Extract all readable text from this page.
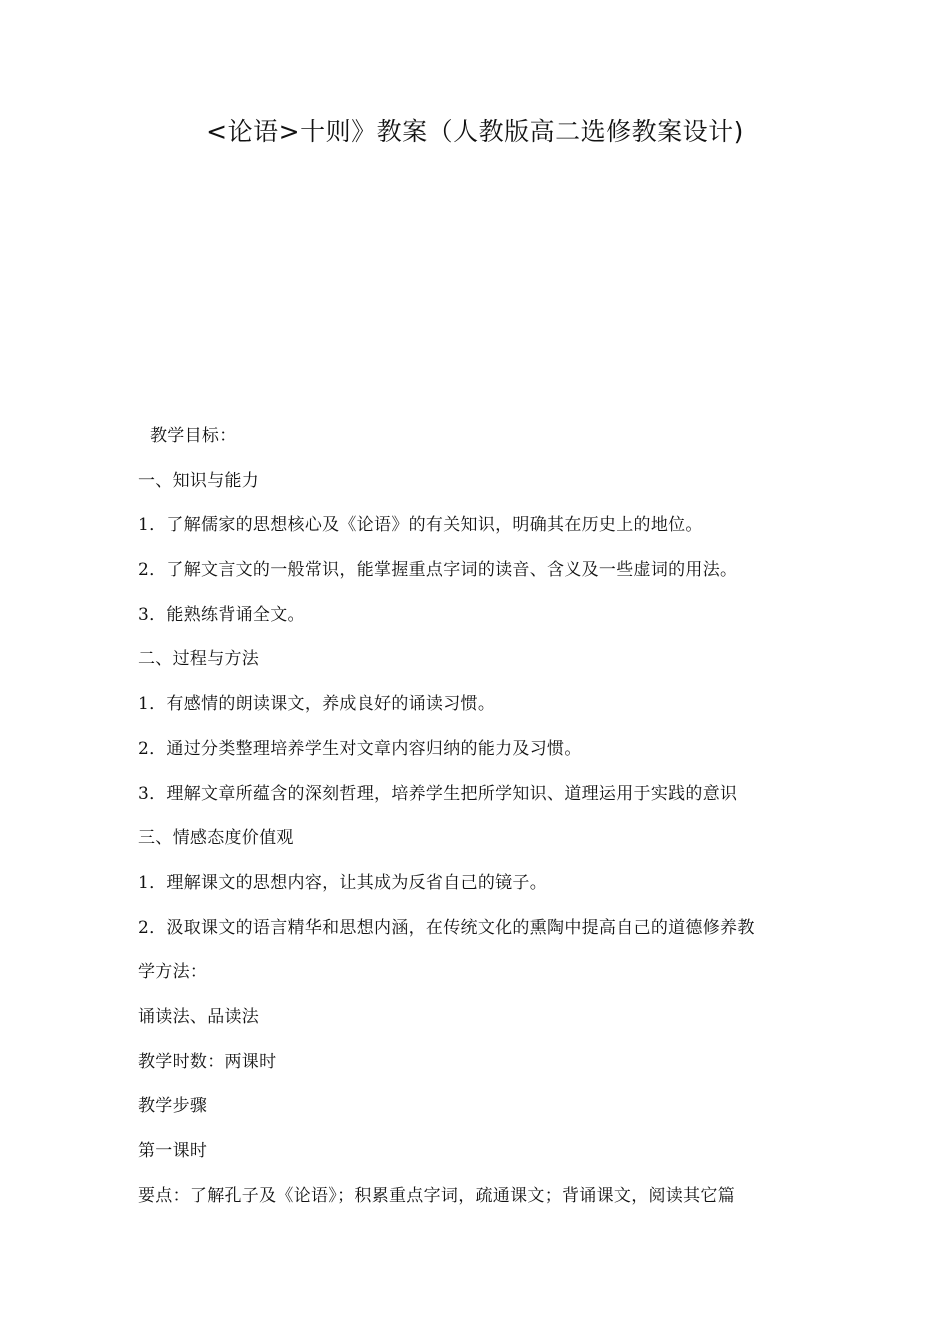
<论语>十则》教案（人教版高二选修教案设计)
教学目标：
一、知识与能力
1．了解儒家的思想核心及《论语》的有关知识，明确其在历史上的地位。
2．了解文言文的一般常识，能掌握重点字词的读音、含义及一些虚词的用法。
3．能熟练背诵全文。
二、过程与方法
1．有感情的朗读课文，养成良好的诵读习惯。
2．通过分类整理培养学生对文章内容归纳的能力及习惯。
3．理解文章所蕴含的深刻哲理，培养学生把所学知识、道理运用于实践的意识
三、情感态度价值观
1．理解课文的思想内容，让其成为反省自己的镜子。
2．汲取课文的语言精华和思想内涵，在传统文化的熏陶中提高自己的道德修养教
学方法：
诵读法、品读法
教学时数：两课时
教学步骤
第一课时
要点：了解孔子及《论语》；积累重点字词，疏通课文；背诵课文，阅读其它篇
